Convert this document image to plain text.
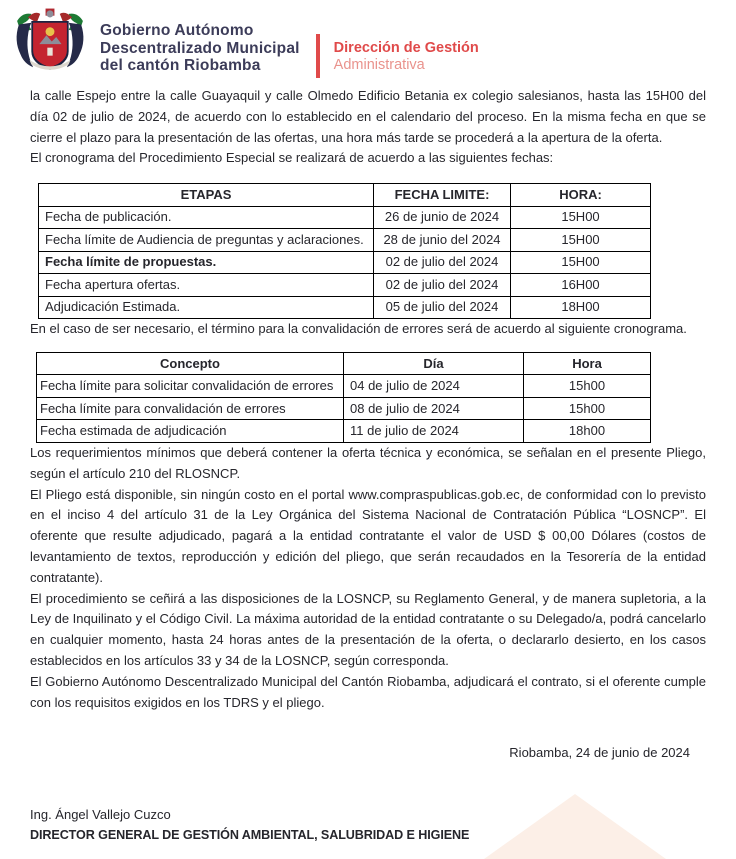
Gobierno Autónomo
Descentralizado Municipal
del cantón Riobamba
Dirección de Gestión
Administrativa

la calle Espejo entre la calle Guayaquil y calle Olmedo Edificio Betania ex colegio salesianos, hasta las 15H00 del día 02 de julio de 2024, de acuerdo con lo establecido en el calendario del proceso. En la misma fecha en que se cierre el plazo para la presentación de las ofertas, una hora más tarde se procederá a la apertura de la oferta.

El cronograma del Procedimiento Especial se realizará de acuerdo a las siguientes fechas:

ETAPAS	FECHA LIMITE:	HORA:
Fecha de publicación.	26 de junio de 2024	15H00
Fecha límite de Audiencia de preguntas y aclaraciones.	28 de junio del 2024	15H00
Fecha límite de propuestas.	02 de julio del 2024	15H00
Fecha apertura ofertas.	02 de julio del 2024	16H00
Adjudicación Estimada.	05 de julio del 2024	18H00

En el caso de ser necesario, el término para la convalidación de errores será de acuerdo al siguiente cronograma.

Concepto	Día	Hora
Fecha límite para solicitar convalidación de errores	04 de julio de 2024	15h00
Fecha límite para convalidación de errores	08 de julio de 2024	15h00
Fecha estimada de adjudicación	11 de julio de 2024	18h00

Los requerimientos mínimos que deberá contener la oferta técnica y económica, se señalan en el presente Pliego, según el artículo 210 del RLOSNCP.

El Pliego está disponible, sin ningún costo en el portal www.compraspublicas.gob.ec, de conformidad con lo previsto en el inciso 4 del artículo 31 de la Ley Orgánica del Sistema Nacional de Contratación Pública “LOSNCP”. El oferente que resulte adjudicado, pagará a la entidad contratante el valor de USD $ 00,00 Dólares (costos de levantamiento de textos, reproducción y edición del pliego, que serán recaudados en la Tesorería de la entidad contratante).

El procedimiento se ceñirá a las disposiciones de la LOSNCP, su Reglamento General, y de manera supletoria, a la Ley de Inquilinato y el Código Civil. La máxima autoridad de la entidad contratante o su Delegado/a, podrá cancelarlo en cualquier momento, hasta 24 horas antes de la presentación de la oferta, o declararlo desierto, en los casos establecidos en los artículos 33 y 34 de la LOSNCP, según corresponda.

El Gobierno Autónomo Descentralizado Municipal del Cantón Riobamba, adjudicará el contrato, si el oferente cumple con los requisitos exigidos en los TDRS y el pliego.

Riobamba, 24 de junio de 2024
Ing. Ángel Vallejo Cuzco
DIRECTOR GENERAL DE GESTIÓN AMBIENTAL, SALUBRIDAD E HIGIENE
